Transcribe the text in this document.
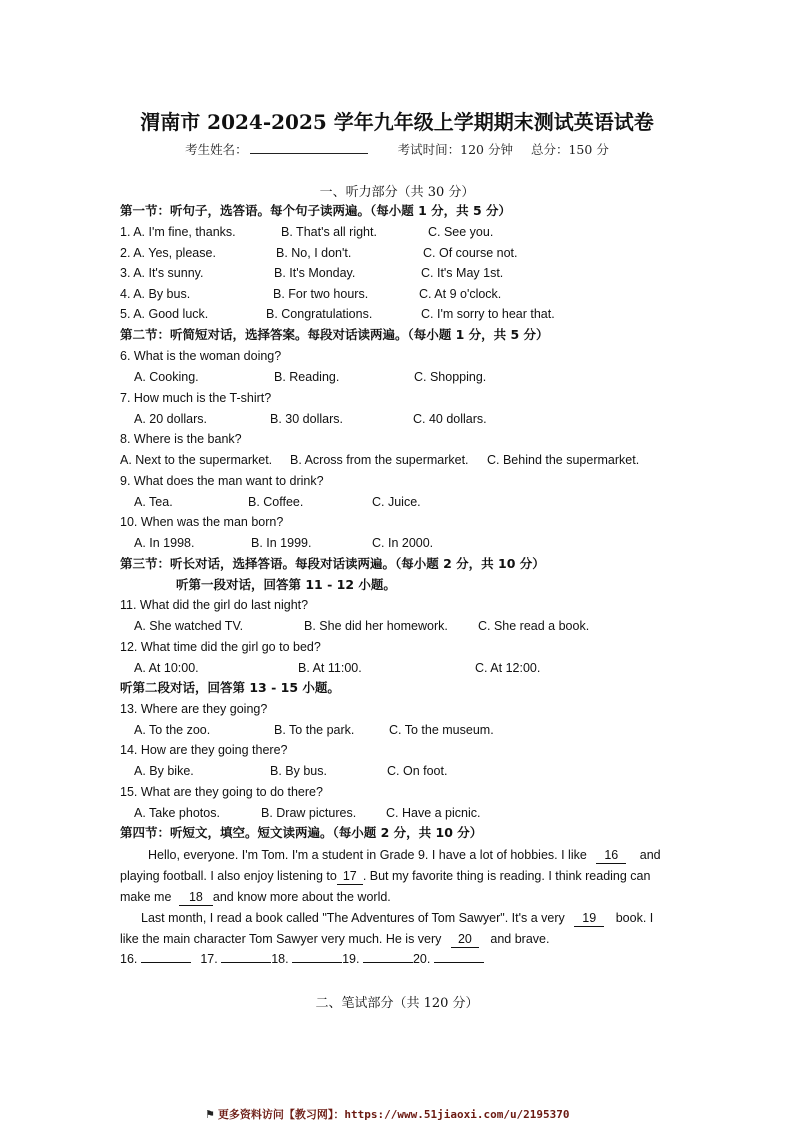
渭南市 2024-2025 学年九年级上学期期末测试英语试卷
考生姓名：	考试时间：120 分钟 总分：150 分
一、听力部分（共 30 分）
第一节：听句子，选答语。每个句子读两遍。（每小题 1 分，共 5 分）
1. A. I'm fine, thanks.	B. That's all right.	C. See you.
2. A. Yes, please.	B. No, I don't.	C. Of course not.
3. A. It's sunny.	B. It's Monday.	C. It's May 1st.
4. A. By bus.	B. For two hours.	C. At 9 o'clock.
5. A. Good luck.	B. Congratulations.	C. I'm sorry to hear that.
第二节：听简短对话，选择答案。每段对话读两遍。（每小题 1 分，共 5 分）
6. What is the woman doing?
A. Cooking.	B. Reading.	C. Shopping.
7. How much is the T-shirt?
A. 20 dollars.	B. 30 dollars.	C. 40 dollars.
8. Where is the bank?
A. Next to the supermarket. B. Across from the supermarket. C. Behind the supermarket.
9. What does the man want to drink?
A. Tea.	B. Coffee.	C. Juice.
10. When was the man born?
A. In 1998.	B. In 1999.	C. In 2000.
第三节：听长对话，选择答语。每段对话读两遍。（每小题 2 分，共 10 分）
听第一段对话，回答第 11 - 12 小题。
11. What did the girl do last night?
A. She watched TV.	B. She did her homework. C. She read a book.
12. What time did the girl go to bed?
A. At 10:00.	B. At 11:00.	C. At 12:00.
听第二段对话，回答第 13 - 15 小题。
13. Where are they going?
A. To the zoo.	B. To the park.	C. To the museum.
14. How are they going there?
A. By bike.	B. By bus.	C. On foot.
15. What are they going to do there?
A. Take photos.	B. Draw pictures. C. Have a picnic.
第四节：听短文，填空。短文读两遍。（每小题 2 分，共 10 分）
Hello, everyone. I'm Tom. I'm a student in Grade 9. I have a lot of hobbies. I like 16 and
playing football. I also enjoy listening to 17 . But my favorite thing is reading. I think reading can
make me 18 and know more about the world.
Last month, I read a book called "The Adventures of Tom Sawyer". It's a very 19 book. I
like the main character Tom Sawyer very much. He is very 20 and brave.
16.	17.	18.	19.	20.
二、笔试部分（共 120 分）
⚑ 更多资料访问【教习网】：https://www.51jiaoxi.com/u/2195370
